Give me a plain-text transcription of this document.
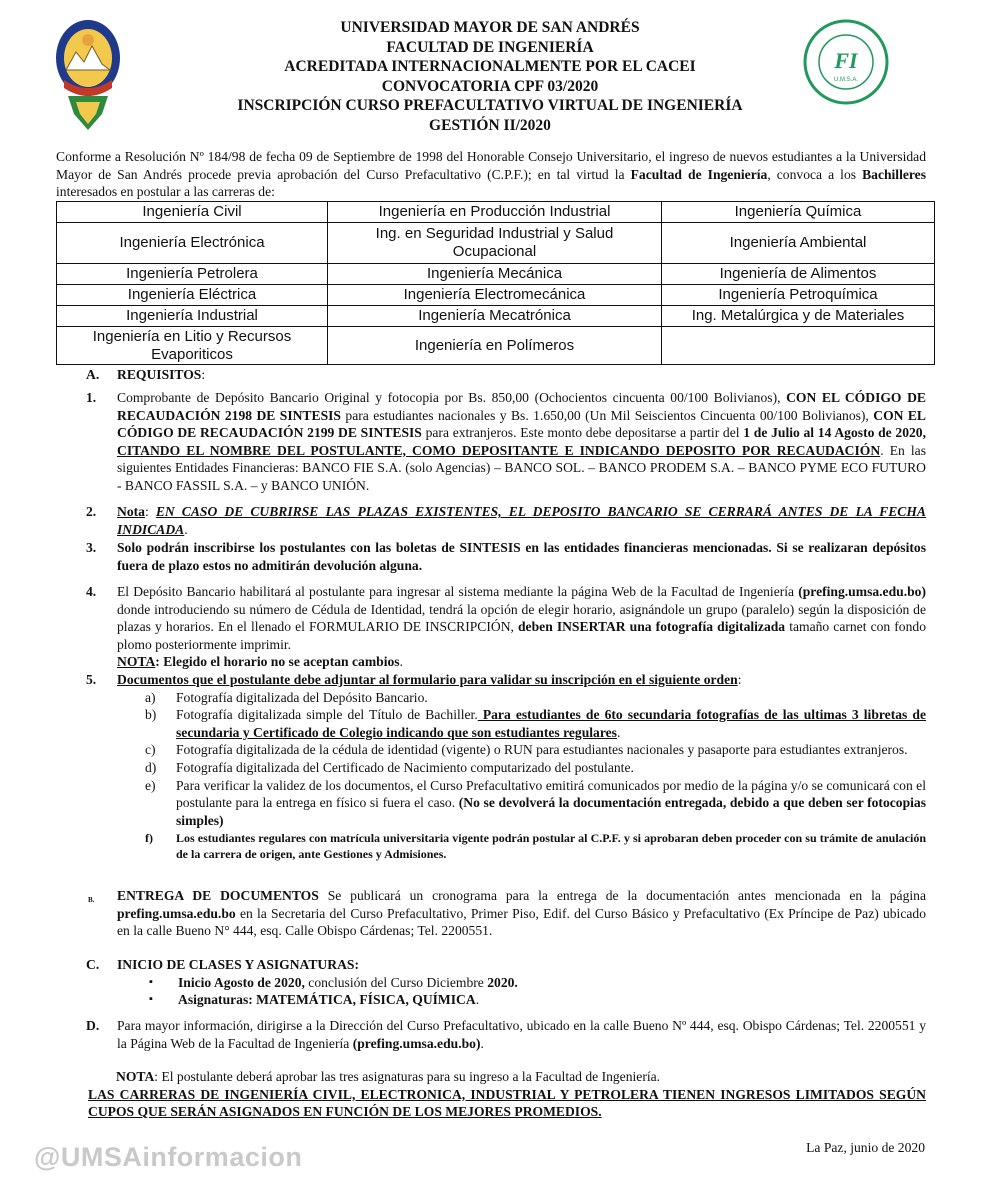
FI
U.M.S.A.
UNIVERSIDAD MAYOR DE SAN ANDRÉS
FACULTAD DE INGENIERÍA
ACREDITADA INTERNACIONALMENTE POR EL CACEI
CONVOCATORIA CPF 03/2020
INSCRIPCIÓN CURSO PREFACULTATIVO VIRTUAL DE INGENIERÍA
GESTIÓN II/2020
Conforme a Resolución Nº 184/98 de fecha 09 de Septiembre de 1998 del Honorable Consejo Universitario, el ingreso de nuevos estudiantes a la Universidad Mayor de San Andrés procede previa aprobación del Curso Prefacultativo (C.P.F.); en tal virtud la Facultad de Ingeniería, convoca a los Bachilleres interesados en postular a las carreras de:
Ingeniería Civil	Ingeniería en Producción Industrial	Ingeniería Química
Ingeniería Electrónica	Ing. en Seguridad Industrial y Salud Ocupacional	Ingeniería Ambiental
Ingeniería Petrolera	Ingeniería Mecánica	Ingeniería de Alimentos
Ingeniería Eléctrica	Ingeniería Electromecánica	Ingeniería Petroquímica
Ingeniería Industrial	Ingeniería Mecatrónica	Ing. Metalúrgica y de Materiales
Ingeniería en Litio y Recursos Evaporiticos	Ingeniería en Polímeros	
A. REQUISITOS:
1. Comprobante de Depósito Bancario Original y fotocopia por Bs. 850,00 (Ochocientos cincuenta 00/100 Bolivianos), CON EL CÓDIGO DE RECAUDACIÓN 2198 DE SINTESIS para estudiantes nacionales y Bs. 1.650,00 (Un Mil Seiscientos Cincuenta 00/100 Bolivianos), CON EL CÓDIGO DE RECAUDACIÓN 2199 DE SINTESIS para extranjeros. Este monto debe depositarse a partir del 1 de Julio al 14 Agosto de 2020, CITANDO EL NOMBRE DEL POSTULANTE, COMO DEPOSITANTE E INDICANDO DEPOSITO POR RECAUDACIÓN. En las siguientes Entidades Financieras: BANCO FIE S.A. (solo Agencias) – BANCO SOL. – BANCO PRODEM S.A. – BANCO PYME ECO FUTURO - BANCO FASSIL S.A. – y BANCO UNIÓN.
2. Nota: EN CASO DE CUBRIRSE LAS PLAZAS EXISTENTES, EL DEPOSITO BANCARIO SE CERRARÁ ANTES DE LA FECHA INDICADA.
3. Solo podrán inscribirse los postulantes con las boletas de SINTESIS en las entidades financieras mencionadas. Si se realizaran depósitos fuera de plazo estos no admitirán devolución alguna.
4. El Depósito Bancario habilitará al postulante para ingresar al sistema mediante la página Web de la Facultad de Ingeniería (prefing.umsa.edu.bo) donde introduciendo su número de Cédula de Identidad, tendrá la opción de elegir horario, asignándole un grupo (paralelo) según la disposición de plazas y horarios. En el llenado el FORMULARIO DE INSCRIPCIÓN, deben INSERTAR una fotografía digitalizada tamaño carnet con fondo plomo posteriormente imprimir.
NOTA: Elegido el horario no se aceptan cambios.
5. Documentos que el postulante debe adjuntar al formulario para validar su inscripción en el siguiente orden:
a) Fotografía digitalizada del Depósito Bancario.
b) Fotografía digitalizada simple del Título de Bachiller. Para estudiantes de 6to secundaria fotografías de las ultimas 3 libretas de secundaria y Certificado de Colegio indicando que son estudiantes regulares.
c) Fotografía digitalizada de la cédula de identidad (vigente) o RUN para estudiantes nacionales y pasaporte para estudiantes extranjeros.
d) Fotografía digitalizada del Certificado de Nacimiento computarizado del postulante.
e) Para verificar la validez de los documentos, el Curso Prefacultativo emitirá comunicados por medio de la página y/o se comunicará con el postulante para la entrega en físico si fuera el caso. (No se devolverá la documentación entregada, debido a que deben ser fotocopias simples)
f) Los estudiantes regulares con matrícula universitaria vigente podrán postular al C.P.F. y si aprobaran deben proceder con su trámite de anulación de la carrera de origen, ante Gestiones y Admisiones.
B. ENTREGA DE DOCUMENTOS Se publicará un cronograma para la entrega de la documentación antes mencionada en la página prefing.umsa.edu.bo en la Secretaria del Curso Prefacultativo, Primer Piso, Edif. del Curso Básico y Prefacultativo (Ex Príncipe de Paz) ubicado en la calle Bueno N° 444, esq. Calle Obispo Cárdenas; Tel. 2200551.
C. INICIO DE CLASES Y ASIGNATURAS:
▪ Inicio Agosto de 2020, conclusión del Curso Diciembre 2020.
▪ Asignaturas: MATEMÁTICA, FÍSICA, QUÍMICA.
D. Para mayor información, dirigirse a la Dirección del Curso Prefacultativo, ubicado en la calle Bueno Nº 444, esq. Obispo Cárdenas; Tel. 2200551 y la Página Web de la Facultad de Ingeniería (prefing.umsa.edu.bo).
NOTA: El postulante deberá aprobar las tres asignaturas para su ingreso a la Facultad de Ingeniería.
LAS CARRERAS DE INGENIERÍA CIVIL, ELECTRONICA, INDUSTRIAL Y PETROLERA TIENEN INGRESOS LIMITADOS SEGÚN CUPOS QUE SERÁN ASIGNADOS EN FUNCIÓN DE LOS MEJORES PROMEDIOS.
@UMSAinformacion	La Paz, junio de 2020
